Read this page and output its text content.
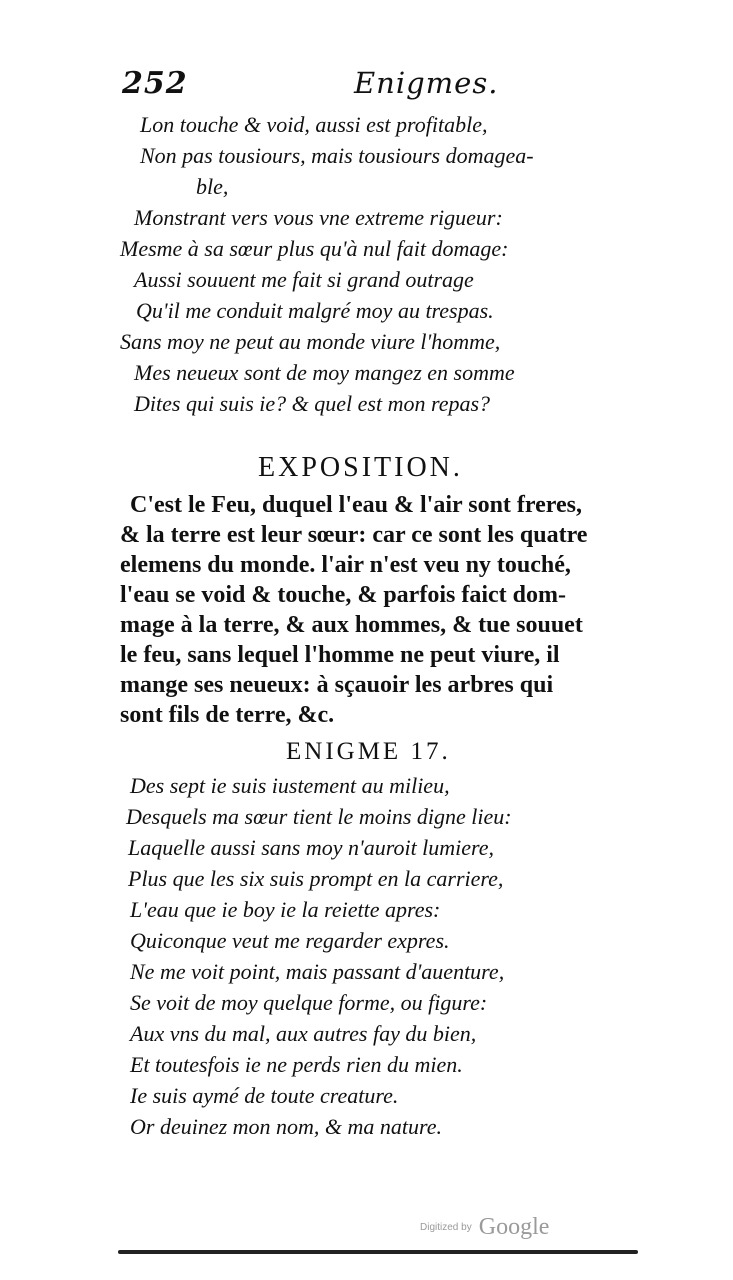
252	Enigmes.
Lon touche & void, aussi est profitable,
Non pas tousiours, mais tousiours domagea-
ble,
Monstrant vers vous vne extreme rigueur:
Mesme à sa sœur plus qu'à nul fait domage:
Aussi souuent me fait si grand outrage
Qu'il me conduit malgré moy au trespas.
Sans moy ne peut au monde viure l'homme,
Mes neueux sont de moy mangez en somme
Dites qui suis ie? & quel est mon repas?
EXPOSITION.
C'est le Feu, duquel l'eau & l'air sont freres,
& la terre est leur sœur: car ce sont les quatre
elemens du monde. l'air n'est veu ny touché,
l'eau se void & touche, & parfois faict dom-
mage à la terre, & aux hommes, & tue souuet
le feu, sans lequel l'homme ne peut viure, il
mange ses neueux: à sçauoir les arbres qui
sont fils de terre, &c.
ENIGME 17.
Des sept ie suis iustement au milieu,
Desquels ma sœur tient le moins digne lieu:
Laquelle aussi sans moy n'auroit lumiere,
Plus que les six suis prompt en la carriere,
L'eau que ie boy ie la reiette apres:
Quiconque veut me regarder expres.
Ne me voit point, mais passant d'auenture,
Se voit de moy quelque forme, ou figure:
Aux vns du mal, aux autres fay du bien,
Et toutesfois ie ne perds rien du mien.
Ie suis aymé de toute creature.
Or deuinez mon nom, & ma nature.
Digitized by Google
